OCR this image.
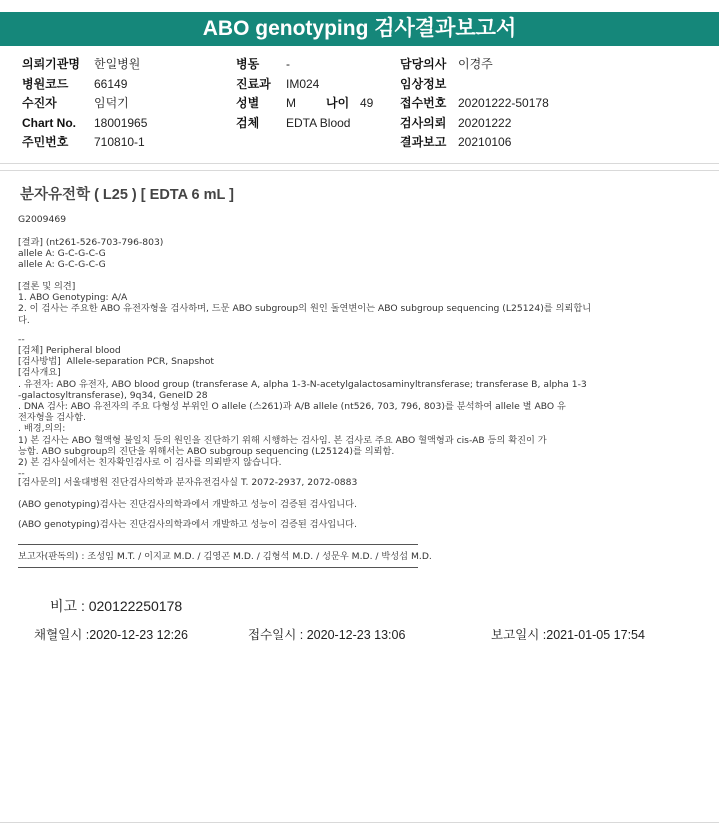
ABO genotyping 검사결과보고서
의뢰기관명 한일병원	병동 -	담당의사 이경주
병원코드 66149	진료과 IM024	임상정보
수진자	임덕기	성별 M	나이 49 접수번호 20201222-50178
Chart No. 18001965	검체 EDTA Blood	검사의뢰 20201222
주민번호 710810-1	결과보고 20210106
분자유전학 ( L25 ) [ EDTA 6 mL ]
G2009469
[결과] (nt261-526-703-796-803)
allele A: G-C-G-C-G
allele A: G-C-G-C-G
[결론 및 의견]
1. ABO Genotyping: A/A
2. 이 검사는 주요한 ABO 유전자형을 검사하며, 드문 ABO subgroup의 원인 돌연변이는 ABO subgroup sequencing (L25124)를 의뢰합니
다.
--
[검체] Peripheral blood
[검사방법]  Allele-separation PCR, Snapshot
[검사개요]
. 유전자: ABO 유전자, ABO blood group (transferase A, alpha 1-3-N-acetylgalactosaminyltransferase; transferase B, alpha 1-3
-galactosyltransferase), 9q34, GeneID 28
. DNA 검사: ABO 유전자의 주요 다형성 부위인 O allele (스261)과 A/B allele (nt526, 703, 796, 803)를 분석하여 allele 별 ABO 유
전자형을 검사함.
. 배경,의의:
1) 본 검사는 ABO 혈액형 불일치 등의 원인을 진단하기 위해 시행하는 검사임. 본 검사로 주요 ABO 혈액형과 cis-AB 등의 확진이 가
능함. ABO subgroup의 진단을 위해서는 ABO subgroup sequencing (L25124)를 의뢰함.
2) 본 검사실에서는 친자확인검사로 이 검사를 의뢰받지 않습니다.
--
[검사문의] 서울대병원 진단검사의학과 분자유전검사실 T. 2072-2937, 2072-0883
(ABO genotyping)검사는 진단검사의학과에서 개발하고 성능이 검증된 검사입니다.
(ABO genotyping)검사는 진단검사의학과에서 개발하고 성능이 검증된 검사입니다.
보고자(판독의) : 조성임 M.T. / 이지교 M.D. / 김영곤 M.D. / 김형석 M.D. / 성문우 M.D. / 박성섭 M.D.
비고 : 020122250178
채혈일시 :2020-12-23 12:26	접수일시 : 2020-12-23 13:06	보고일시 :2021-01-05 17:54
